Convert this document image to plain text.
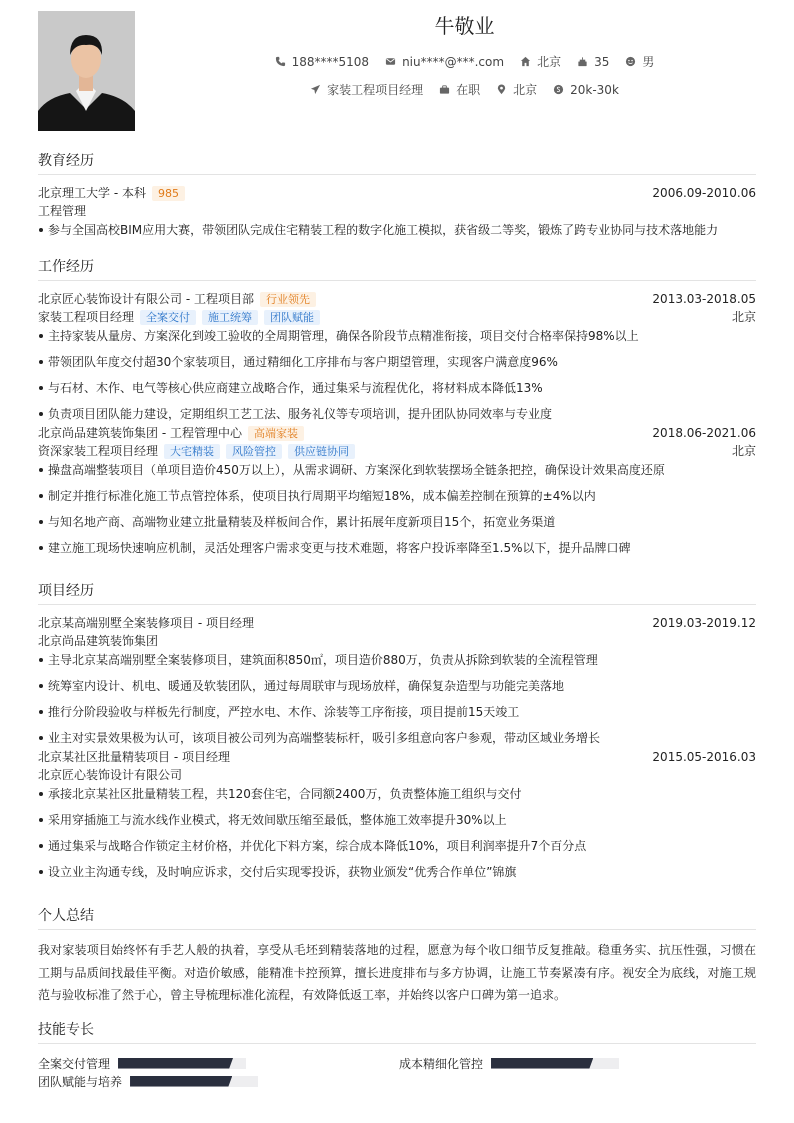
牛敬业
188****5108	niu****@***.com	北京	35	男
家装工程项目经理	在职	北京	20k-30k
教育经历
北京理工大学 - 本科	985	2006.09-2010.06
工程管理
参与全国高校BIM应用大赛，带领团队完成住宅精装工程的数字化施工模拟，获省级二等奖，锻炼了跨专业协同与技术落地能力
工作经历
北京匠心装饰设计有限公司 - 工程项目部	行业领先	2013.03-2018.05
家装工程项目经理	全案交付	施工统筹	团队赋能	北京
主持家装从量房、方案深化到竣工验收的全周期管理，确保各阶段节点精准衔接，项目交付合格率保持98%以上
带领团队年度交付超30个家装项目，通过精细化工序排布与客户期望管理，实现客户满意度96%
与石材、木作、电气等核心供应商建立战略合作，通过集采与流程优化，将材料成本降低13%
负责项目团队能力建设，定期组织工艺工法、服务礼仪等专项培训，提升团队协同效率与专业度
北京尚品建筑装饰集团 - 工程管理中心	高端家装	2018.06-2021.06
资深家装工程项目经理	大宅精装	风险管控	供应链协同	北京
操盘高端整装项目（单项目造价450万以上），从需求调研、方案深化到软装摆场全链条把控，确保设计效果高度还原
制定并推行标准化施工节点管控体系，使项目执行周期平均缩短18%，成本偏差控制在预算的±4%以内
与知名地产商、高端物业建立批量精装及样板间合作，累计拓展年度新项目15个，拓宽业务渠道
建立施工现场快速响应机制，灵活处理客户需求变更与技术难题，将客户投诉率降至1.5%以下，提升品牌口碑
项目经历
北京某高端别墅全案装修项目 - 项目经理	2019.03-2019.12
北京尚品建筑装饰集团
主导北京某高端别墅全案装修项目，建筑面积850㎡，项目造价880万，负责从拆除到软装的全流程管理
统筹室内设计、机电、暖通及软装团队，通过每周联审与现场放样，确保复杂造型与功能完美落地
推行分阶段验收与样板先行制度，严控水电、木作、涂装等工序衔接，项目提前15天竣工
业主对实景效果极为认可，该项目被公司列为高端整装标杆，吸引多组意向客户参观，带动区域业务增长
北京某社区批量精装项目 - 项目经理	2015.05-2016.03
北京匠心装饰设计有限公司
承接北京某社区批量精装工程，共120套住宅，合同额2400万，负责整体施工组织与交付
采用穿插施工与流水线作业模式，将无效间歇压缩至最低，整体施工效率提升30%以上
通过集采与战略合作锁定主材价格，并优化下料方案，综合成本降低10%，项目利润率提升7个百分点
设立业主沟通专线，及时响应诉求，交付后实现零投诉，获物业颁发“优秀合作单位”锦旗
个人总结
我对家装项目始终怀有手艺人般的执着，享受从毛坯到精装落地的过程，愿意为每个收口细节反复推敲。稳重务实、抗压性强，习惯在工期与品质间找最佳平衡。对造价敏感，能精准卡控预算，擅长进度排布与多方协调，让施工节奏紧凑有序。视安全为底线，对施工规范与验收标准了然于心，曾主导梳理标准化流程，有效降低返工率，并始终以客户口碑为第一追求。
技能专长
全案交付管理	成本精细化管控
团队赋能与培养
